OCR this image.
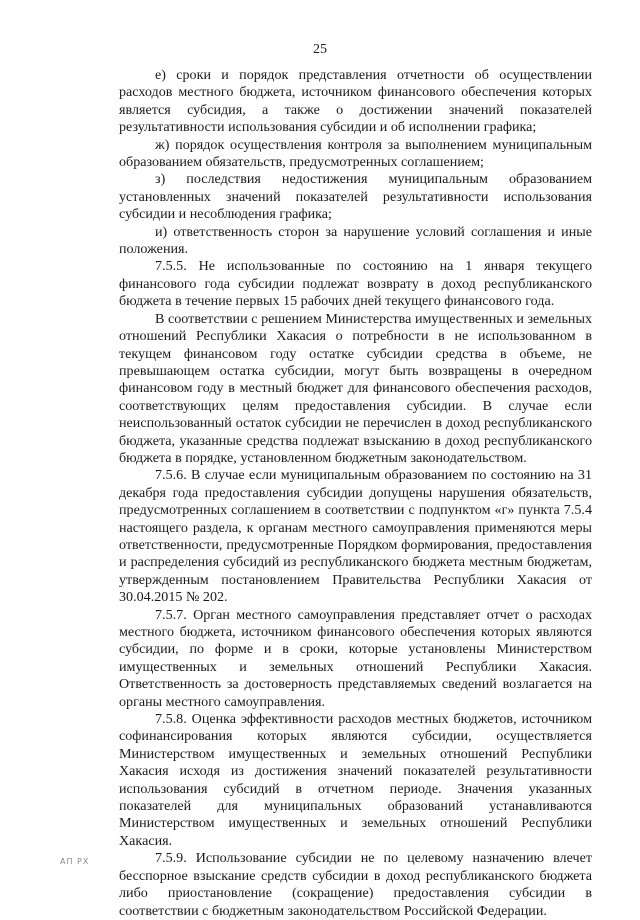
25

е) сроки и порядок представления отчетности об осуществлении расходов местного бюджета, источником финансового обеспечения которых является субсидия, а также о достижении значений показателей результативности использования субсидии и об исполнении графика;

ж) порядок осуществления контроля за выполнением муниципальным образованием обязательств, предусмотренных соглашением;

з) последствия недостижения муниципальным образованием установленных значений показателей результативности использования субсидии и несоблюдения графика;

и) ответственность сторон за нарушение условий соглашения и иные положения.

7.5.5. Не использованные по состоянию на 1 января текущего финансового года субсидии подлежат возврату в доход республиканского бюджета в течение первых 15 рабочих дней текущего финансового года.

В соответствии с решением Министерства имущественных и земельных отношений Республики Хакасия о потребности в не использованном в текущем финансовом году остатке субсидии средства в объеме, не превышающем остатка субсидии, могут быть возвращены в очередном финансовом году в местный бюджет для финансового обеспечения расходов, соответствующих целям предоставления субсидии. В случае если неиспользованный остаток субсидии не перечислен в доход республиканского бюджета, указанные средства подлежат взысканию в доход республиканского бюджета в порядке, установленном бюджетным законодательством.

7.5.6. В случае если муниципальным образованием по состоянию на 31 декабря года предоставления субсидии допущены нарушения обязательств, предусмотренных соглашением в соответствии с подпунктом «г» пункта 7.5.4 настоящего раздела, к органам местного самоуправления применяются меры ответственности, предусмотренные Порядком формирования, предоставления и распределения субсидий из республиканского бюджета местным бюджетам, утвержденным постановлением Правительства Республики Хакасия от 30.04.2015 № 202.

7.5.7. Орган местного самоуправления представляет отчет о расходах местного бюджета, источником финансового обеспечения которых являются субсидии, по форме и в сроки, которые установлены Министерством имущественных и земельных отношений Республики Хакасия. Ответственность за достоверность представляемых сведений возлагается на органы местного самоуправления.

7.5.8. Оценка эффективности расходов местных бюджетов, источником софинансирования которых являются субсидии, осуществляется Министерством имущественных и земельных отношений Республики Хакасия исходя из достижения значений показателей результативности использования субсидий в отчетном периоде. Значения указанных показателей для муниципальных образований устанавливаются Министерством имущественных и земельных отношений Республики Хакасия.

7.5.9. Использование субсидии не по целевому назначению влечет бесспорное взыскание средств субсидии в доход республиканского бюджета либо приостановление (сокращение) предоставления субсидии в соответствии с бюджетным законодательством Российской Федерации.

АП РХ
